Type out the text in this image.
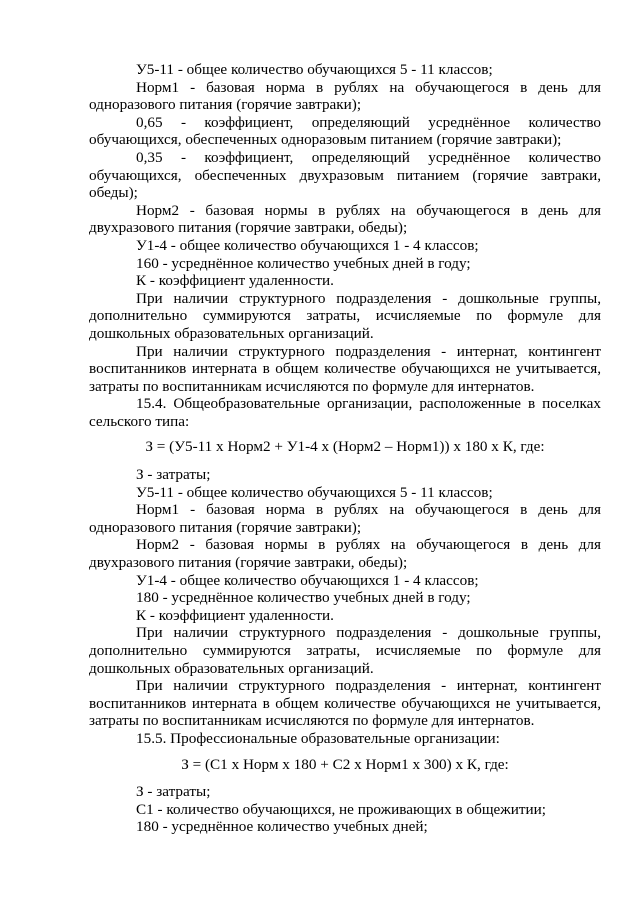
У5-11 - общее количество обучающихся 5 - 11 классов;

Норм1 - базовая норма в рублях на обучающегося в день для одноразового питания (горячие завтраки);

0,65 - коэффициент, определяющий усреднённое количество обучающихся, обеспеченных одноразовым питанием (горячие завтраки);

0,35 - коэффициент, определяющий усреднённое количество обучающихся, обеспеченных двухразовым питанием (горячие завтраки, обеды);

Норм2 - базовая нормы в рублях на обучающегося в день для двухразового питания (горячие завтраки, обеды);

У1-4 - общее количество обучающихся 1 - 4 классов;

160 - усреднённое количество учебных дней в году;

К - коэффициент удаленности.

При наличии структурного подразделения - дошкольные группы, дополнительно суммируются затраты, исчисляемые по формуле для дошкольных образовательных организаций.

При наличии структурного подразделения - интернат, контингент воспитанников интерната в общем количестве обучающихся не учитывается, затраты по воспитанникам исчисляются по формуле для интернатов.

15.4. Общеобразовательные организации, расположенные в поселках сельского типа:

З = (У5-11 х Норм2 + У1-4 х (Норм2 – Норм1)) х 180 х К, где:

З - затраты;

У5-11 - общее количество обучающихся 5 - 11 классов;

Норм1 - базовая норма в рублях на обучающегося в день для одноразового питания (горячие завтраки);

Норм2 - базовая нормы в рублях на обучающегося в день для двухразового питания (горячие завтраки, обеды);

У1-4 - общее количество обучающихся 1 - 4 классов;

180 - усреднённое количество учебных дней в году;

К - коэффициент удаленности.

При наличии структурного подразделения - дошкольные группы, дополнительно суммируются затраты, исчисляемые по формуле для дошкольных образовательных организаций.

При наличии структурного подразделения - интернат, контингент воспитанников интерната в общем количестве обучающихся не учитывается, затраты по воспитанникам исчисляются по формуле для интернатов.

15.5. Профессиональные образовательные организации:

З = (С1 х Норм х 180 + С2 х Норм1 х 300) х К, где:

З - затраты;

С1 - количество обучающихся, не проживающих в общежитии;

180 - усреднённое количество учебных дней;
